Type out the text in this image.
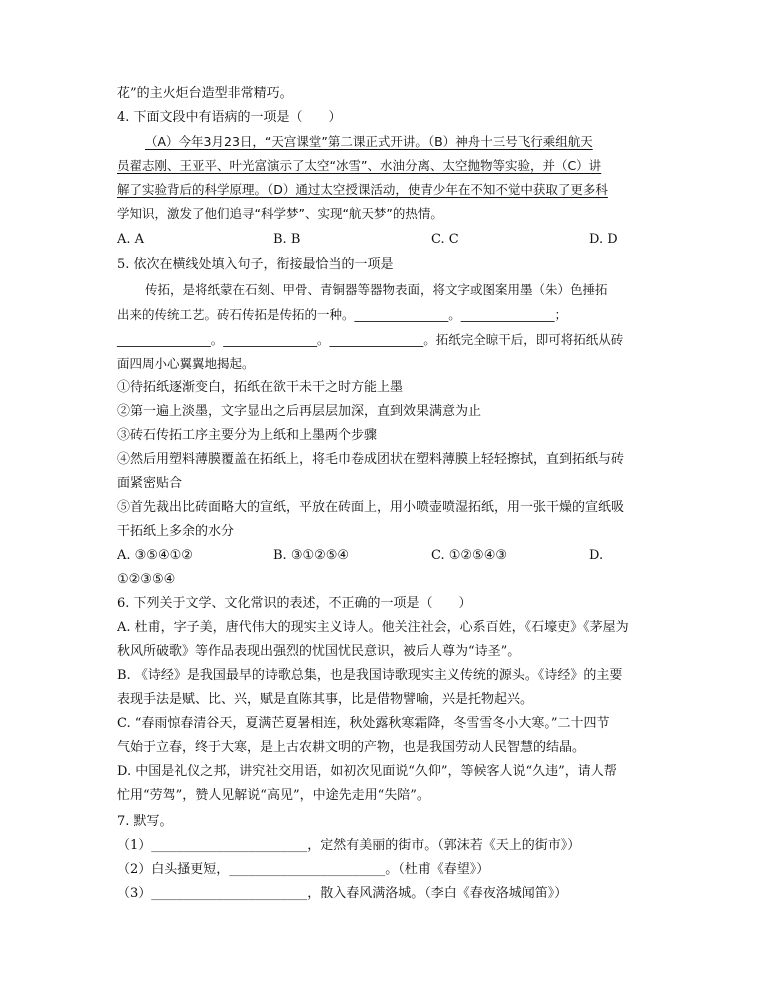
花”的主火炬台造型非常精巧。
4. 下面文段中有语病的一项是（　　）
（A）今年3月23日，“天宫课堂”第二课正式开讲。（B）神舟十三号飞行乘组航天
员翟志刚、王亚平、叶光富演示了太空“冰雪”、水油分离、太空抛物等实验，并（C）讲
解了实验背后的科学原理。（D）通过太空授课活动，使青少年在不知不觉中获取了更多科
学知识，激发了他们追寻“科学梦”、实现“航天梦”的热情。
A. A	B. B	C. C	D. D
5. 依次在横线处填入句子，衔接最恰当的一项是
传拓，是将纸蒙在石刻、甲骨、青铜器等器物表面，将文字或图案用墨（朱）色捶拓
出来的传统工艺。砖石传拓是传拓的一种。_______________。_______________；
_______________。_______________。_______________。拓纸完全晾干后，即可将拓纸从砖
面四周小心翼翼地揭起。
①待拓纸逐渐变白，拓纸在欲干未干之时方能上墨
②第一遍上淡墨，文字显出之后再层层加深，直到效果满意为止
③砖石传拓工序主要分为上纸和上墨两个步骤
④然后用塑料薄膜覆盖在拓纸上，将毛巾卷成团状在塑料薄膜上轻轻擦拭，直到拓纸与砖
面紧密贴合
⑤首先裁出比砖面略大的宣纸，平放在砖面上，用小喷壶喷湿拓纸，用一张干燥的宣纸吸
干拓纸上多余的水分
A. ③⑤④①②	B. ③①②⑤④	C. ①②⑤④③	D.
①②③⑤④
6. 下列关于文学、文化常识的表述，不正确的一项是（　　）
A. 杜甫，字子美，唐代伟大的现实主义诗人。他关注社会，心系百姓，《石壕吏》《茅屋为
秋风所破歌》等作品表现出强烈的忧国忧民意识，被后人尊为“诗圣”。
B. 《诗经》是我国最早的诗歌总集，也是我国诗歌现实主义传统的源头。《诗经》的主要
表现手法是赋、比、兴，赋是直陈其事，比是借物譬喻，兴是托物起兴。
C. “春雨惊春清谷天，夏满芒夏暑相连，秋处露秋寒霜降，冬雪雪冬小大寒。”二十四节
气始于立春，终于大寒，是上古农耕文明的产物，也是我国劳动人民智慧的结晶。
D. 中国是礼仪之邦，讲究社交用语，如初次见面说“久仰”，等候客人说“久违”，请人帮
忙用“劳驾”，赞人见解说“高见”，中途先走用“失陪”。
7. 默写。
（1）________________________，定然有美丽的街市。（郭沫若《天上的街市》）
（2）白头搔更短，________________________。（杜甫《春望》）
（3）________________________，散入春风满洛城。（李白《春夜洛城闻笛》）
